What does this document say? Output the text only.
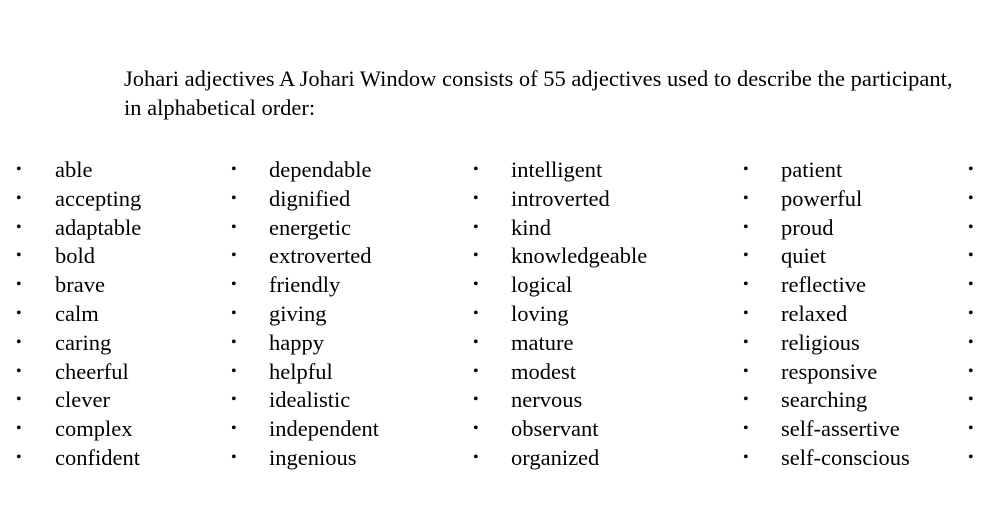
Johari adjectives A Johari Window consists of 55 adjectives used to describe the participant, in alphabetical order:

• able
• accepting
• adaptable
• bold
• brave
• calm
• caring
• cheerful
• clever
• complex
• confident
• dependable
• dignified
• energetic
• extroverted
• friendly
• giving
• happy
• helpful
• idealistic
• independent
• ingenious
• intelligent
• introverted
• kind
• knowledgeable
• logical
• loving
• mature
• modest
• nervous
• observant
• organized
• patient
• powerful
• proud
• quiet
• reflective
• relaxed
• religious
• responsive
• searching
• self-assertive
• self-conscious
•
•
•
•
•
•
•
•
•
•
•
